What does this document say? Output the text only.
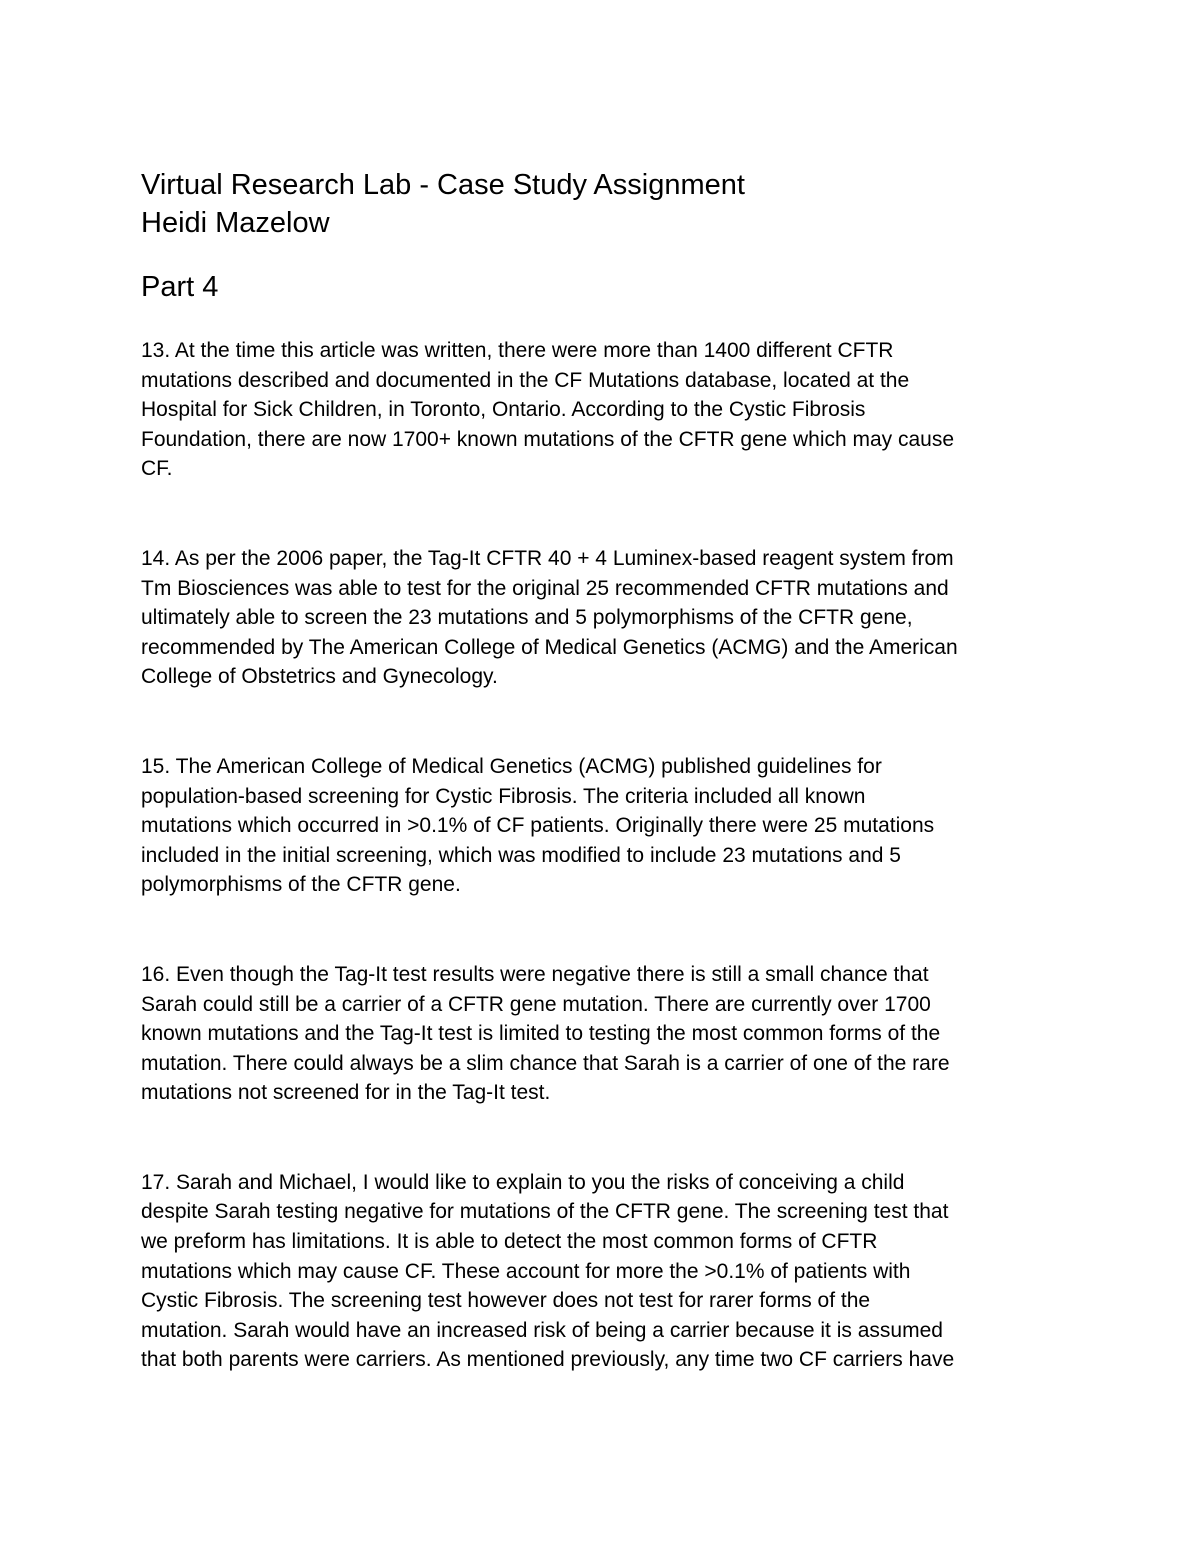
Virtual Research Lab - Case Study Assignment
Heidi Mazelow
Part 4

13. At the time this article was written, there were more than 1400 different CFTR
mutations described and documented in the CF Mutations database, located at the
Hospital for Sick Children, in Toronto, Ontario. According to the Cystic Fibrosis
Foundation, there are now 1700+ known mutations of the CFTR gene which may cause
CF.

14. As per the 2006 paper, the Tag-It CFTR 40 + 4 Luminex-based reagent system from
Tm Biosciences was able to test for the original 25 recommended CFTR mutations and
ultimately able to screen the 23 mutations and 5 polymorphisms of the CFTR gene,
recommended by The American College of Medical Genetics (ACMG) and the American
College of Obstetrics and Gynecology.

15. The American College of Medical Genetics (ACMG) published guidelines for
population-based screening for Cystic Fibrosis. The criteria included all known
mutations which occurred in >0.1% of CF patients. Originally there were 25 mutations
included in the initial screening, which was modified to include 23 mutations and 5
polymorphisms of the CFTR gene.

16. Even though the Tag-It test results were negative there is still a small chance that
Sarah could still be a carrier of a CFTR gene mutation. There are currently over 1700
known mutations and the Tag-It test is limited to testing the most common forms of the
mutation. There could always be a slim chance that Sarah is a carrier of one of the rare
mutations not screened for in the Tag-It test.

17. Sarah and Michael, I would like to explain to you the risks of conceiving a child
despite Sarah testing negative for mutations of the CFTR gene. The screening test that
we preform has limitations. It is able to detect the most common forms of CFTR
mutations which may cause CF. These account for more the >0.1% of patients with
Cystic Fibrosis. The screening test however does not test for rarer forms of the
mutation. Sarah would have an increased risk of being a carrier because it is assumed
that both parents were carriers. As mentioned previously, any time two CF carriers have
